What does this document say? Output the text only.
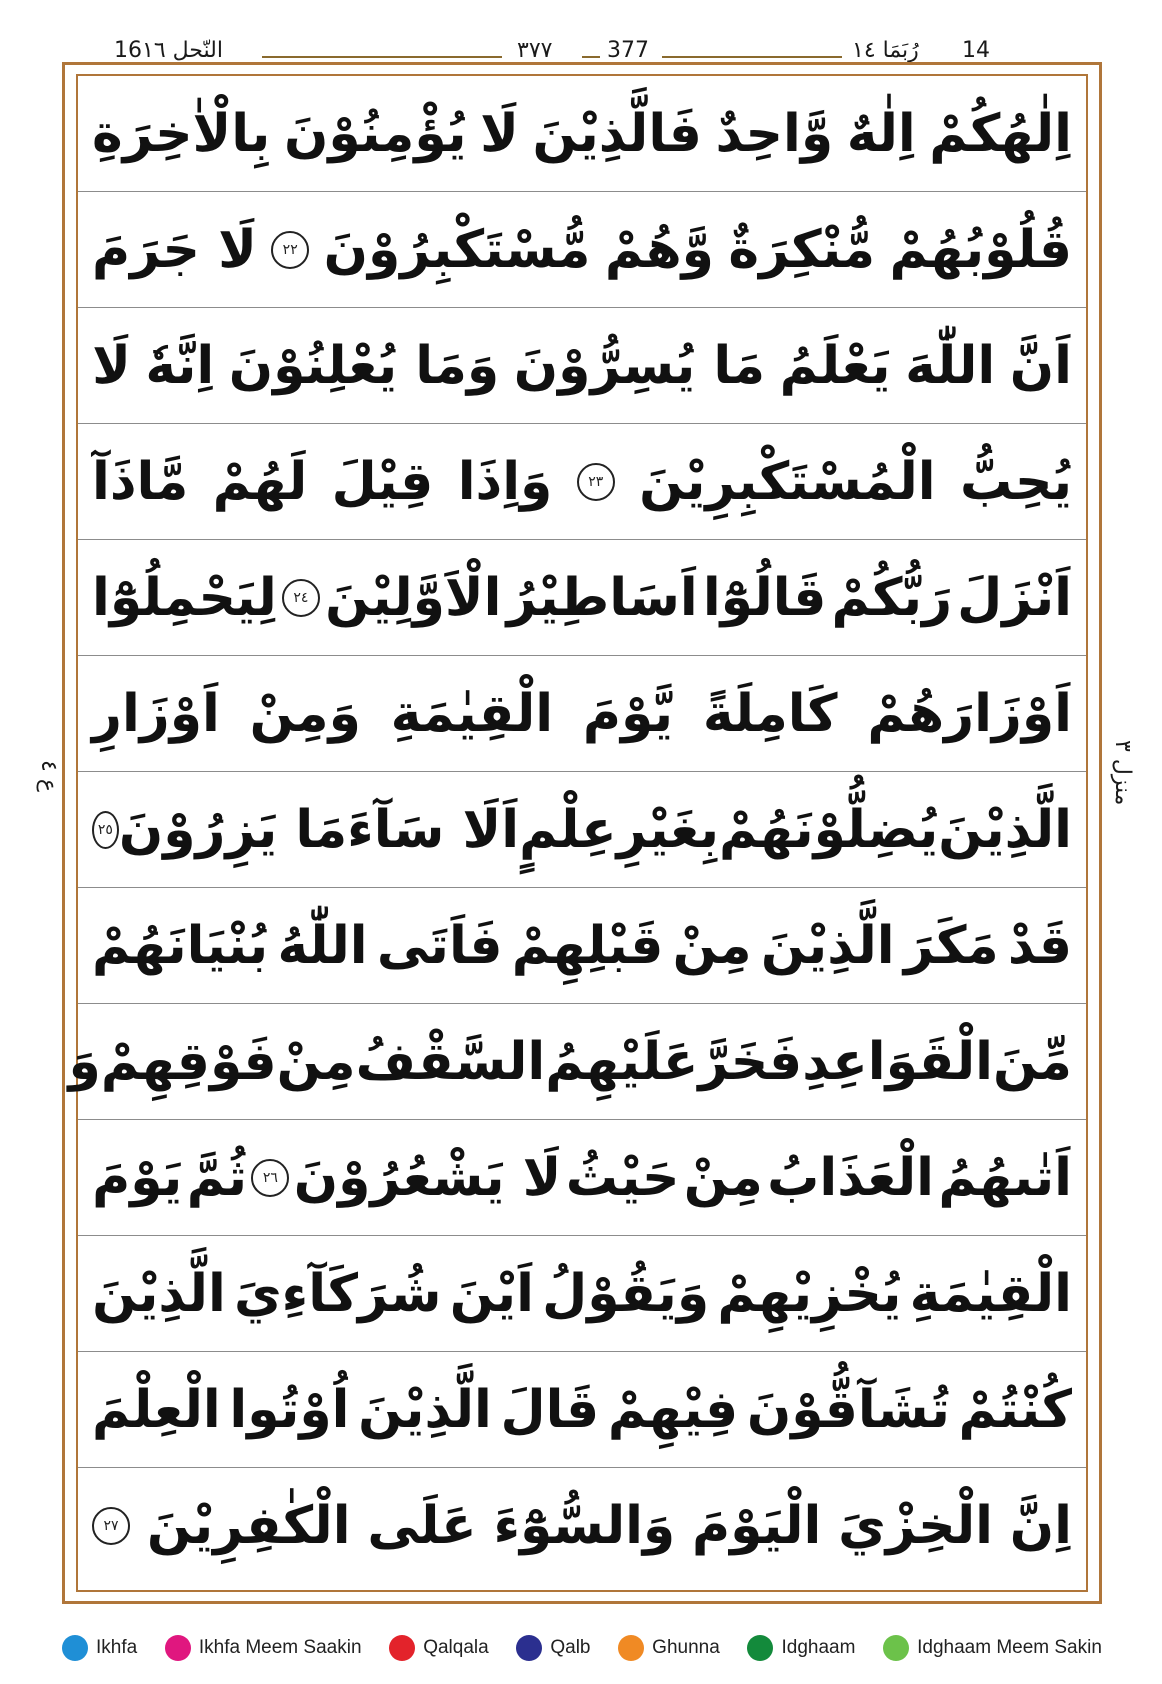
النّحل ١٦
16	٣٧٧ 377	رُبَمَا ١٤ 14
ع ٤
منزل ٣
اِلٰهُكُمْ
اِلٰهٌ
وَّاحِدٌ
فَالَّذِيْنَ
لَا
يُؤْمِنُوْنَ
بِالْاٰخِرَةِ
قُلُوْبُهُمْ
مُّنْكِرَةٌ
وَّهُمْ
مُّسْتَكْبِرُوْنَ
٢٢
لَا جَرَمَ
اَنَّ
اللّٰهَ
يَعْلَمُ
مَا يُسِرُّوْنَ
وَمَا يُعْلِنُوْنَ
اِنَّهٗ
لَا
يُحِبُّ
الْمُسْتَكْبِرِيْنَ
٢٣
وَاِذَا
قِيْلَ
لَهُمْ
مَّاذَآ
اَنْزَلَ
رَبُّكُمْ
قَالُوْٓا
اَسَاطِيْرُ
الْاَوَّلِيْنَ
٢٤
لِيَحْمِلُوْٓا
اَوْزَارَهُمْ
كَامِلَةً
يَّوْمَ
الْقِيٰمَةِ
وَمِنْ
اَوْزَارِ
الَّذِيْنَ
يُضِلُّوْنَهُمْ
بِغَيْرِ
عِلْمٍ
اَلَا سَآءَ
مَا يَزِرُوْنَ
٢٥
قَدْ
مَكَرَ
الَّذِيْنَ
مِنْ
قَبْلِهِمْ
فَاَتَى
اللّٰهُ
بُنْيَانَهُمْ
مِّنَ
الْقَوَاعِدِ
فَخَرَّ
عَلَيْهِمُ
السَّقْفُ
مِنْ
فَوْقِهِمْ
وَ
اَتٰىهُمُ
الْعَذَابُ
مِنْ
حَيْثُ
لَا يَشْعُرُوْنَ
٢٦
ثُمَّ
يَوْمَ
الْقِيٰمَةِ
يُخْزِيْهِمْ
وَيَقُوْلُ
اَيْنَ
شُرَكَآءِيَ
الَّذِيْنَ
كُنْتُمْ
تُشَآقُّوْنَ
فِيْهِمْ
قَالَ
الَّذِيْنَ
اُوْتُوا
الْعِلْمَ
اِنَّ
الْخِزْيَ
الْيَوْمَ
وَالسُّوْٓءَ
عَلَى
الْكٰفِرِيْنَ
٢٧
Ikhfa	Ikhfa Meem Saakin	Qalqala	Qalb	Ghunna	Idghaam	Idghaam Meem Sakin
